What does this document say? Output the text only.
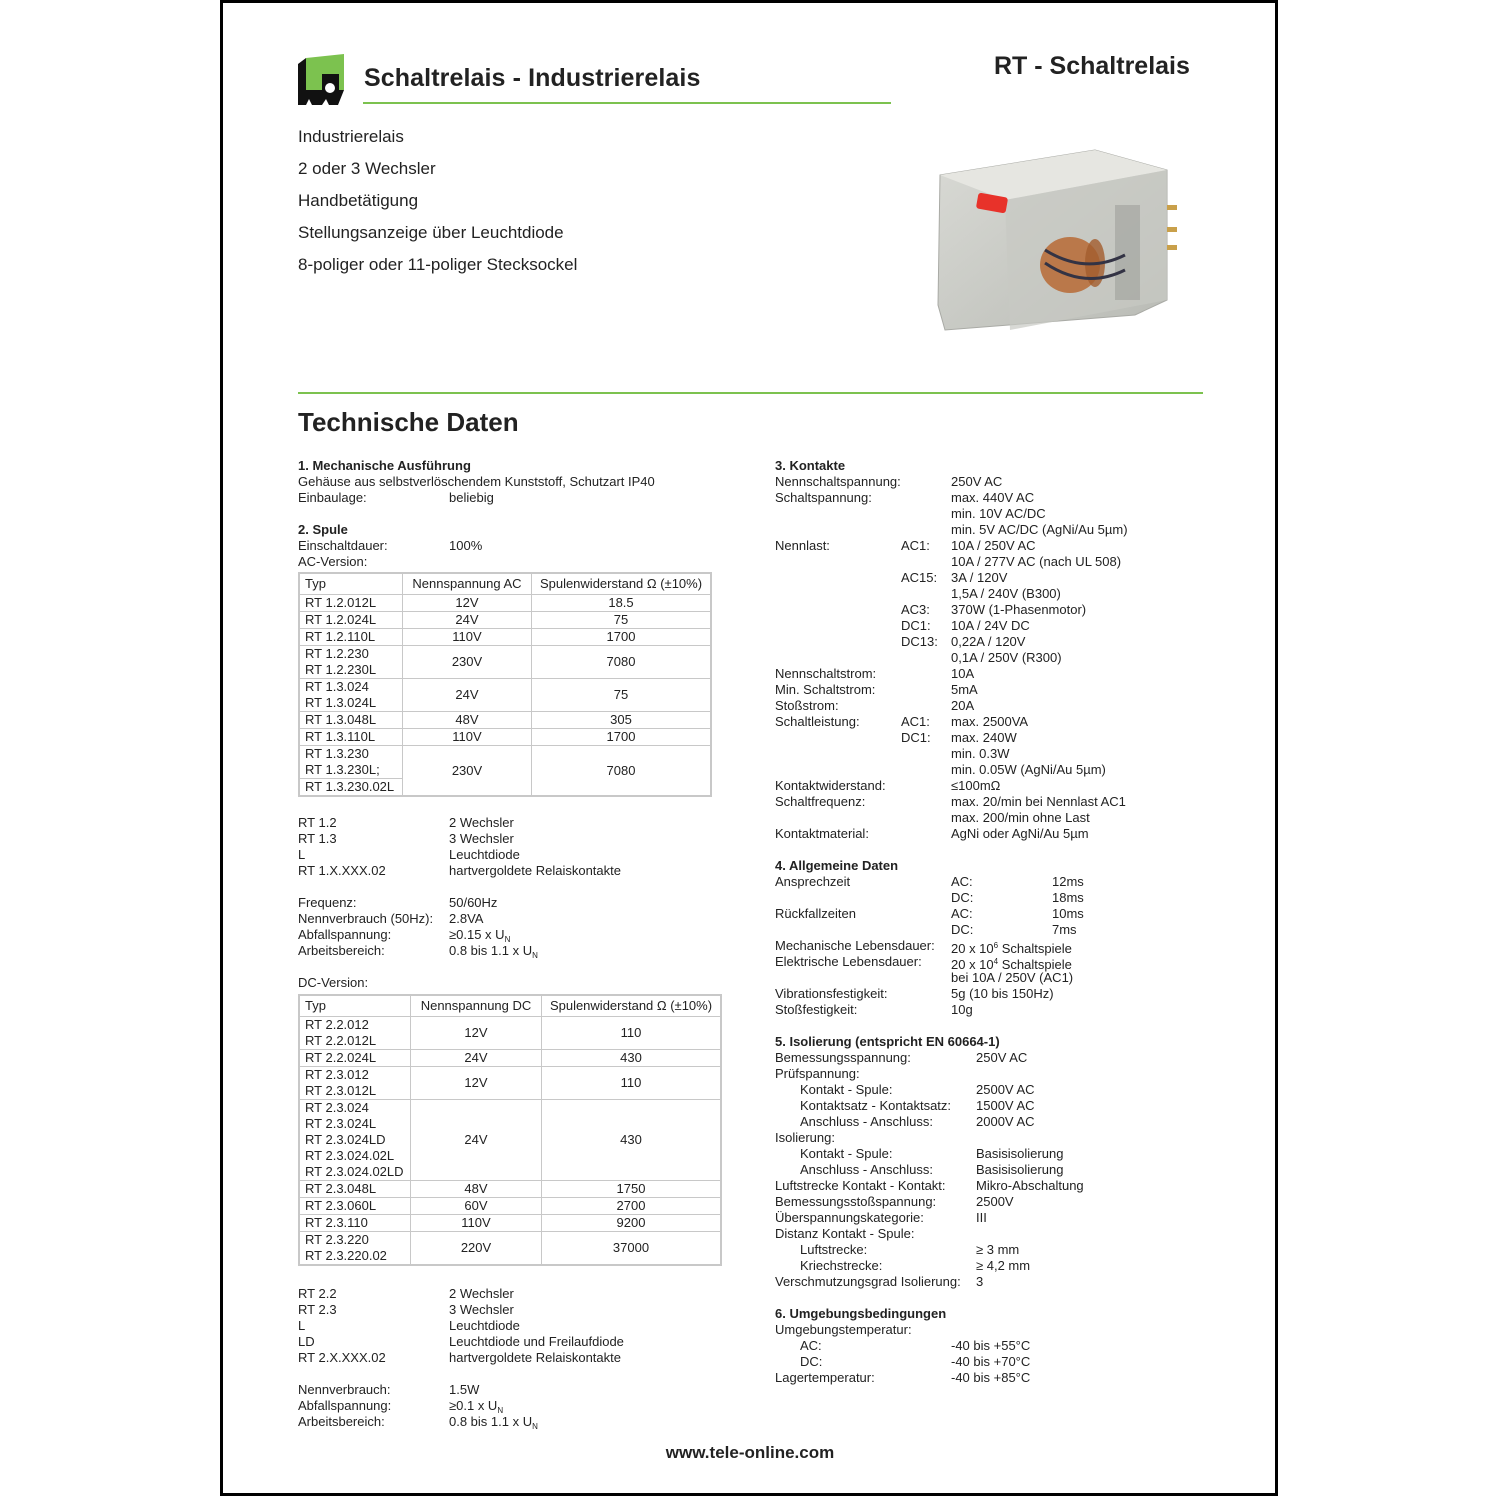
Schaltrelais - Industrierelais	RT - Schaltrelais
Industrierelais
2 oder 3 Wechsler
Handbetätigung
Stellungsanzeige über Leuchtdiode
8-poliger oder 11-poliger Stecksockel
Technische Daten
1. Mechanische Ausführung
Gehäuse aus selbstverlöschendem Kunststoff, Schutzart IP40
Einbaulage:	beliebig
2. Spule
Einschaltdauer:	100%
AC-Version:
Typ	Nennspannung AC	Spulenwiderstand Ω (±10%)

RT 1.2.012L	12V	18.5

RT 1.2.024L	24V	75

RT 1.2.110L	110V	1700

RT 1.2.230
RT 1.2.230L	230V	7080

RT 1.3.024
RT 1.3.024L	24V	75

RT 1.3.048L	48V	305

RT 1.3.110L	110V	1700

RT 1.3.230
RT 1.3.230L;
RT 1.3.230.02L	230V	7080
RT 1.2	2 Wechsler
RT 1.3	3 Wechsler
L	Leuchtdiode
RT 1.X.XXX.02	hartvergoldete Relaiskontakte
Frequenz:	50/60Hz
Nennverbrauch (50Hz):	2.8VA
Abfallspannung:	≥0.15 x $U_N$
Arbeitsbereich:	0.8 bis 1.1 x $U_N$
DC-Version:
Typ	Nennspannung DC	Spulenwiderstand Ω (±10%)

RT 2.2.012
RT 2.2.012L	12V	110

RT 2.2.024L	24V	430

RT 2.3.012
RT 2.3.012L	12V	110

RT 2.3.024
RT 2.3.024L
RT 2.3.024LD
RT 2.3.024.02L
RT 2.3.024.02LD	24V	430

RT 2.3.048L	48V	1750

RT 2.3.060L	60V	2700

RT 2.3.110	110V	9200

RT 2.3.220
RT 2.3.220.02	220V	37000
RT 2.2	2 Wechsler
RT 2.3	3 Wechsler
L	Leuchtdiode
LD	Leuchtdiode und Freilaufdiode
RT 2.X.XXX.02	hartvergoldete Relaiskontakte
Nennverbrauch:	1.5W
Abfallspannung:	≥0.1 x $U_N$
Arbeitsbereich:	0.8 bis 1.1 x $U_N$
3. Kontakte
Nennschaltspannung:	250V AC
Schaltspannung:	max. 440V AC
min. 10V AC/DC
min. 5V AC/DC (AgNi/Au 5µm)
Nennlast:	AC1:	10A / 250V AC
10A / 277V AC (nach UL 508)
AC15:	3A / 120V
1,5A / 240V (B300)
AC3:	370W (1-Phasenmotor)
DC1:	10A / 24V DC
DC13:	0,22A / 120V
0,1A / 250V (R300)
Nennschaltstrom:	10A
Min. Schaltstrom:	5mA
Stoßstrom:	20A
Schaltleistung:	AC1:	max. 2500VA
DC1:	max. 240W
min. 0.3W
min. 0.05W (AgNi/Au 5µm)
Kontaktwiderstand:	≤100mΩ
Schaltfrequenz:	max. 20/min bei Nennlast AC1
max. 200/min ohne Last
Kontaktmaterial:	AgNi oder AgNi/Au 5µm
4. Allgemeine Daten
Ansprechzeit	AC:	12ms
DC:	18ms
Rückfallzeiten	AC:	10ms
DC:	7ms
Mechanische Lebensdauer:	20 x $10^6$ Schaltspiele
Elektrische Lebensdauer:	20 x $10^4$ Schaltspiele
bei 10A / 250V (AC1)
Vibrationsfestigkeit:	5g (10 bis 150Hz)
Stoßfestigkeit:	10g
5. Isolierung (entspricht EN 60664-1)
Bemessungsspannung:	250V AC
Prüfspannung:
Kontakt - Spule:	2500V AC
Kontaktsatz - Kontaktsatz:	1500V AC
Anschluss - Anschluss:	2000V AC
Isolierung:
Kontakt - Spule:	Basisisolierung
Anschluss - Anschluss:	Basisisolierung
Luftstrecke Kontakt - Kontakt:	Mikro-Abschaltung
Bemessungsstoßspannung:	2500V
Überspannungskategorie:	III
Distanz Kontakt - Spule:
Luftstrecke:	≥ 3 mm
Kriechstrecke:	≥ 4,2 mm
Verschmutzungsgrad Isolierung:	3
6. Umgebungsbedingungen
Umgebungstemperatur:
AC:	-40 bis +55°C
DC:	-40 bis +70°C
Lagertemperatur:	-40 bis +85°C
www.tele-online.com
